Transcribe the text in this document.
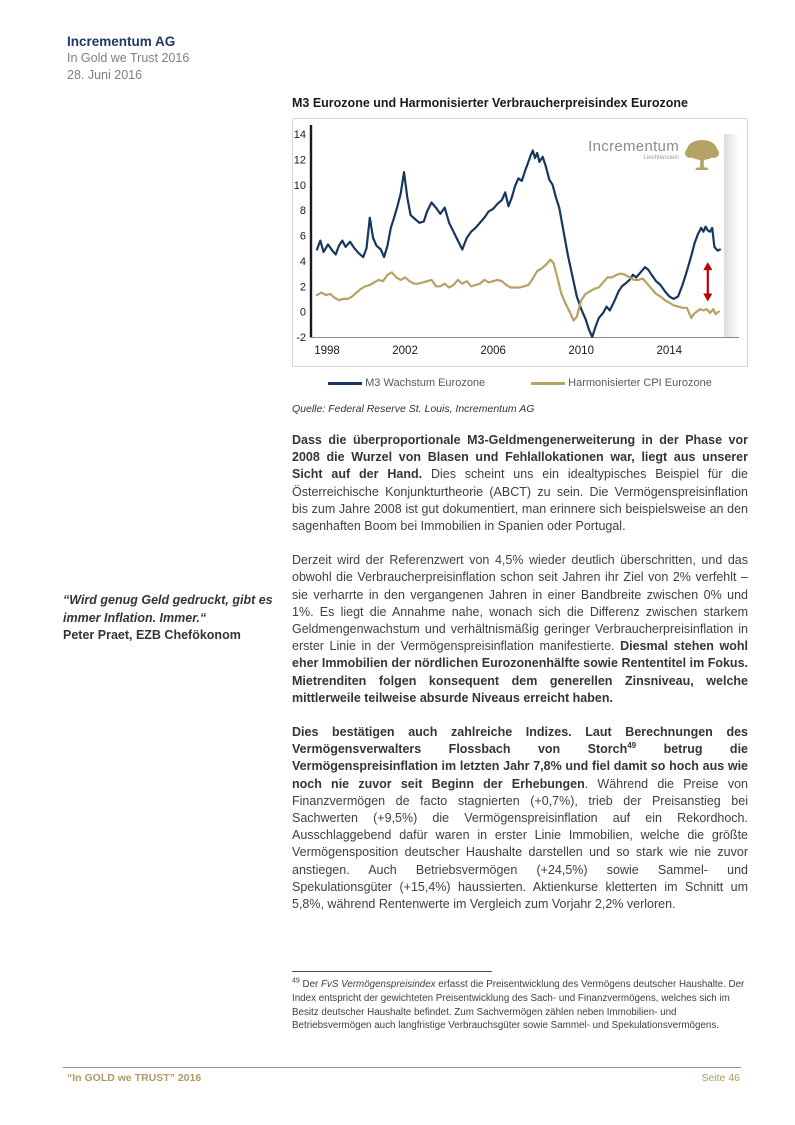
Incrementum AG
In Gold we Trust 2016
28. Juni 2016
M3 Eurozone und Harmonisierter Verbraucherpreisindex Eurozone
14
12
10
8
6
4
2
0
-2
1998	2002	2006	2010	2014
Incrementum
Liechtenstein
M3 Wachstum Eurozone	Harmonisierter CPI Eurozone
Quelle: Federal Reserve St. Louis, Incrementum AG

Dass die überproportionale M3-Geldmengenerweiterung in der Phase vor 2008 die Wurzel von Blasen und Fehlallokationen war, liegt aus unserer Sicht auf der Hand. Dies scheint uns ein idealtypisches Beispiel für die Österreichische Konjunkturtheorie (ABCT) zu sein. Die Vermögenspreisinflation bis zum Jahre 2008 ist gut dokumentiert, man erinnere sich beispielsweise an den sagenhaften Boom bei Immobilien in Spanien oder Portugal.

Derzeit wird der Referenzwert von 4,5% wieder deutlich überschritten, und das obwohl die Verbraucherpreisinflation schon seit Jahren ihr Ziel von 2% verfehlt – sie verharrte in den vergangenen Jahren in einer Bandbreite zwischen 0% und 1%. Es liegt die Annahme nahe, wonach sich die Differenz zwischen starkem Geldmengenwachstum und verhältnismäßig geringer Verbraucherpreisinflation in erster Linie in der Vermögenspreisinflation manifestierte. Diesmal stehen wohl eher Immobilien der nördlichen Eurozonenhälfte sowie Rententitel im Fokus. Mietrenditen folgen konsequent dem generellen Zinsniveau, welche mittlerweile teilweise absurde Niveaus erreicht haben.

Dies bestätigen auch zahlreiche Indizes. Laut Berechnungen des Vermögensverwalters Flossbach von Storch$^{49}$ betrug die Vermögenspreisinflation im letzten Jahr 7,8% und fiel damit so hoch aus wie noch nie zuvor seit Beginn der Erhebungen. Während die Preise von Finanzvermögen de facto stagnierten (+0,7%), trieb der Preisanstieg bei Sachwerten (+9,5%) die Vermögenspreisinflation auf ein Rekordhoch. Ausschlaggebend dafür waren in erster Linie Immobilien, welche die größte Vermögensposition deutscher Haushalte darstellen und so stark wie nie zuvor anstiegen. Auch Betriebsvermögen (+24,5%) sowie Sammel- und Spekulationsgüter (+15,4%) haussierten. Aktienkurse kletterten im Schnitt um 5,8%, während Rentenwerte im Vergleich zum Vorjahr 2,2% verloren.

“Wird genug Geld gedruckt, gibt es immer Inflation. Immer.“
Peter Praet, EZB Chefökonom
$^{49}$ Der FvS Vermögenspreisindex erfasst die Preisentwicklung des Vermögens deutscher Haushalte. Der Index entspricht der gewichteten Preisentwicklung des Sach- und Finanzvermögens, welches sich im Besitz deutscher Haushalte befindet. Zum Sachvermögen zählen neben Immobilien- und Betriebsvermögen auch langfristige Verbrauchsgüter sowie Sammel- und Spekulationsvermögens.
“In GOLD we TRUST” 2016	Seite 46
